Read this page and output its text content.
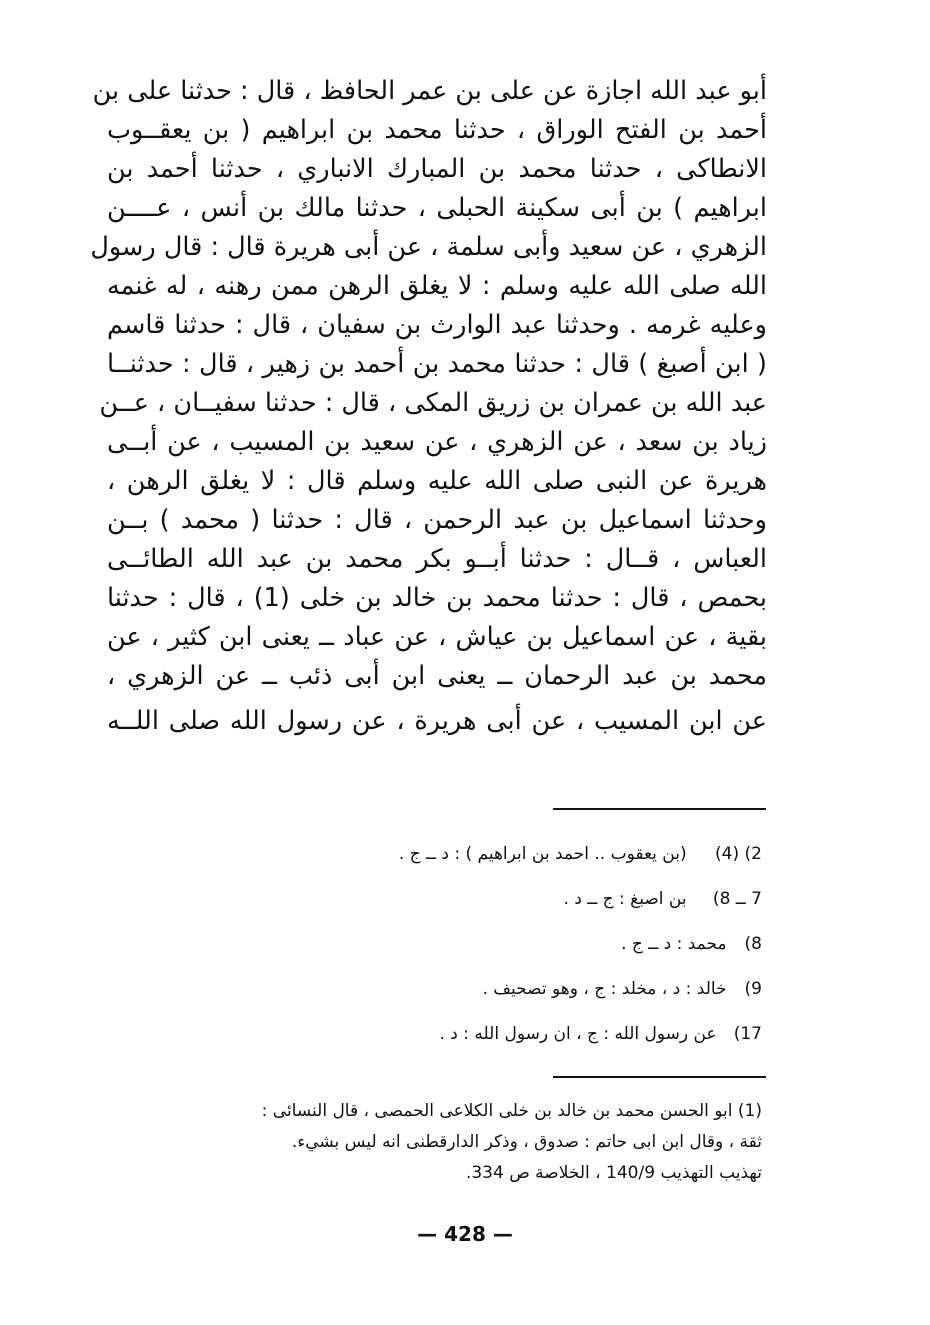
أبو عبد الله اجازة عن على بن عمر الحافظ ، قال : حدثنا على بن
أحمد بن الفتح الوراق ، حدثنا محمد بن ابراهيم ( بن يعقــوب
الانطاكى ، حدثنا محمد بن المبارك الانباري ، حدثنا أحمد بن
ابراهيم ) بن أبى سكينة الحبلى ، حدثنا مالك بن أنس ، عــــن
الزهري ، عن سعيد وأبى سلمة ، عن أبى هريرة قال : قال رسول
الله صلى الله عليه وسلم : لا يغلق الرهن ممن رهنه ، له غنمه
وعليه غرمه . وحدثنا عبد الوارث بن سفيان ، قال : حدثنا قاسم
( ابن أصبغ ) قال : حدثنا محمد بن أحمد بن زهير ، قال : حدثنــا
عبد الله بن عمران بن زريق المكى ، قال : حدثنا سفيــان ، عــن
زياد بن سعد ، عن الزهري ، عن سعيد بن المسيب ، عن أبــى
هريرة عن النبى صلى الله عليه وسلم قال : لا يغلق الرهن ،
وحدثنا اسماعيل بن عبد الرحمن ، قال : حدثنا ( محمد ) بــن
العباس ، قــال : حدثنا أبــو بكر محمد بن عبد الله الطائــى
بحمص ، قال : حدثنا محمد بن خالد بن خلى (1) ، قال : حدثنا
بقية ، عن اسماعيل بن عياش ، عن عباد ــ يعنى ابن كثير ، عن
محمد بن عبد الرحمان ــ يعنى ابن أبى ذئب ــ عن الزهري ،
عن ابن المسيب ، عن أبى هريرة ، عن رسول الله صلى اللــه
2) (4) (بن يعقوب .. احمد بن ابراهيم ) : د ــ ج .
7 ــ 8) بن اصبغ : ج ــ د .
8) محمد : د ــ ج .
9) خالد : د ، مخلد : ج ، وهو تصحيف .
17) عن رسول الله : ج ، ان رسول الله : د .
(1) ابو الحسن محمد بن خالد بن خلى الكلاعى الحمصى ، قال النسائى :
ثقة ، وقال ابن ابى حاتم : صدوق ، وذكر الدارقطنى انه ليس بشيء.
تهذيب التهذيب 140/9 ، الخلاصة ص 334.
— 428 —
